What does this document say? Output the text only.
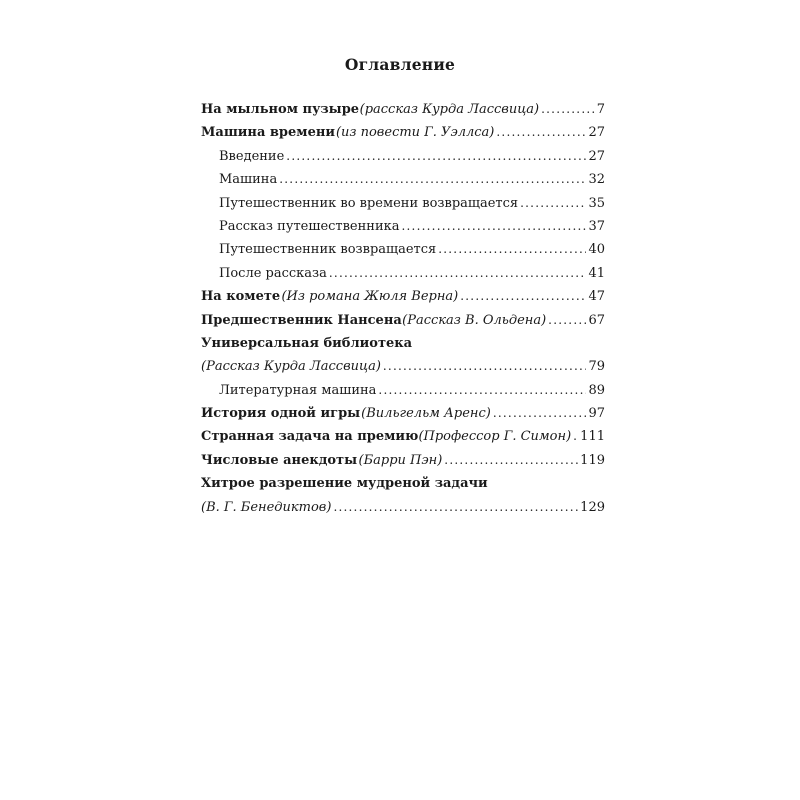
Оглавление
На мыльном пузыре (рассказ Курда Лассвица) . . .	7
Машина времени (из повести Г. Уэллса) . . .	27
Введение . . .	27
Машина . . .	32
Путешественник во времени возвращается . . .	35
Рассказ путешественника . . .	37
Путешественник возвращается . . .	40
После рассказа . . .	41
На комете (Из романа Жюля Верна) . . .	47
Предшественник Нансена (Рассказ В. Ольдена) . . .	67
Универсальная библиотека
(Рассказ Курда Лассвица) . . .	79
Литературная машина . . .	89
История одной игры (Вильгельм Аренс) . . .	97
Странная задача на премию (Профессор Г. Симон) . . . 111
Числовые анекдоты (Барри Пэн) . . .	119
Хитрое разрешение мудреной задачи
(В. Г. Бенедиктов) . . .	129
